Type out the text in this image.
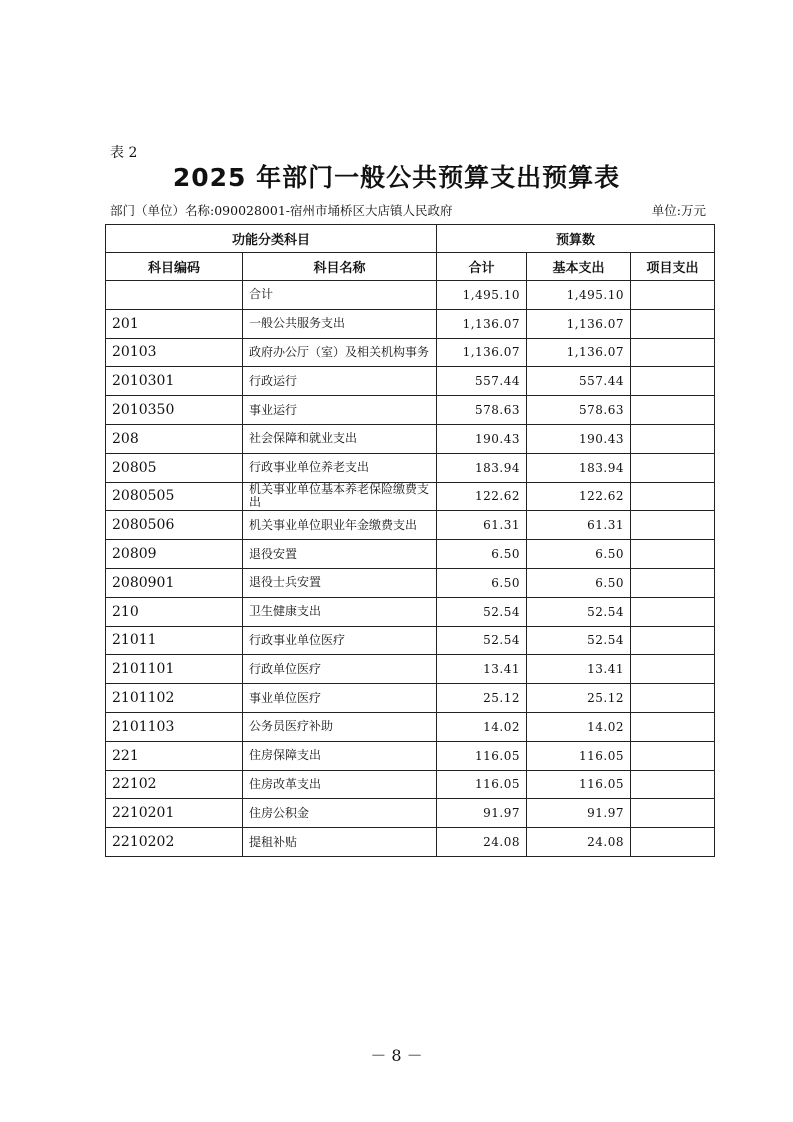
表 2
2025 年部门一般公共预算支出预算表
部门（单位）名称:090028001-宿州市埇桥区大店镇人民政府	单位:万元
功能分类科目		预算数		
科目编码	科目名称	合计	基本支出	项目支出
	合计	1,495.10	1,495.10	
201	一般公共服务支出	1,136.07	1,136.07	
20103	政府办公厅（室）及相关机构事务	1,136.07	1,136.07	
2010301	行政运行	557.44	557.44	
2010350	事业运行	578.63	578.63	
208	社会保障和就业支出	190.43	190.43	
20805	行政事业单位养老支出	183.94	183.94	
2080505	机关事业单位基本养老保险缴费支出	122.62	122.62	
2080506	机关事业单位职业年金缴费支出	61.31	61.31	
20809	退役安置	6.50	6.50	
2080901	退役士兵安置	6.50	6.50	
210	卫生健康支出	52.54	52.54	
21011	行政事业单位医疗	52.54	52.54	
2101101	行政单位医疗	13.41	13.41	
2101102	事业单位医疗	25.12	25.12	
2101103	公务员医疗补助	14.02	14.02	
221	住房保障支出	116.05	116.05	
22102	住房改革支出	116.05	116.05	
2210201	住房公积金	91.97	91.97	
2210202	提租补贴	24.08	24.08	
－ 8 －
